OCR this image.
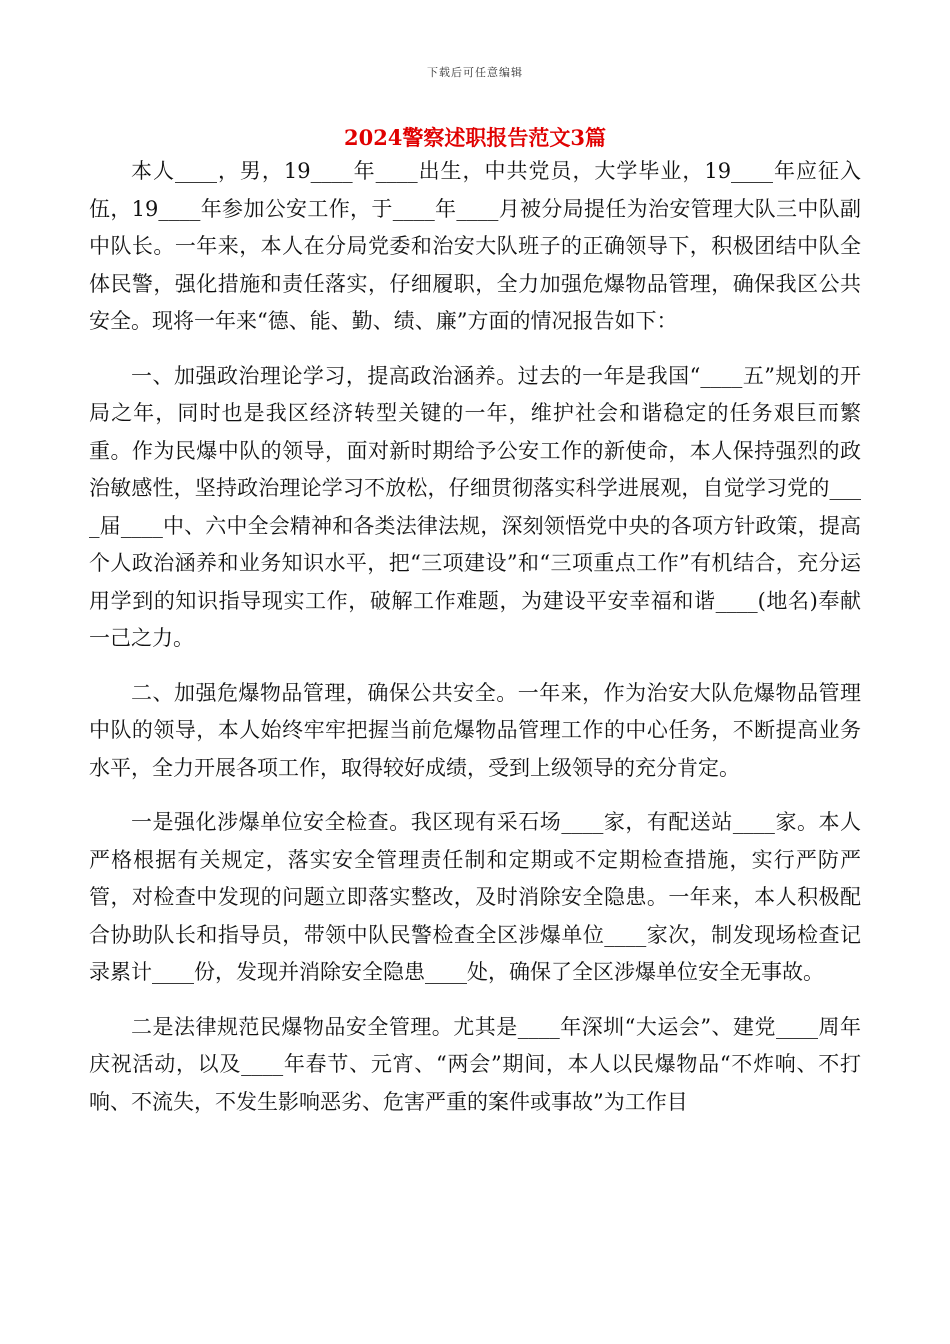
下载后可任意编辑
2024警察述职报告范文3篇

本人____，男，19____年____出生，中共党员，大学毕业，19____年应征入伍，19____年参加公安工作，于____年____月被分局提任为治安管理大队三中队副中队长。一年来，本人在分局党委和治安大队班子的正确领导下，积极团结中队全体民警，强化措施和责任落实，仔细履职，全力加强危爆物品管理，确保我区公共安全。现将一年来“德、能、勤、绩、廉”方面的情况报告如下：

一、加强政治理论学习，提高政治涵养。过去的一年是我国“____五”规划的开局之年，同时也是我区经济转型关键的一年，维护社会和谐稳定的任务艰巨而繁重。作为民爆中队的领导，面对新时期给予公安工作的新使命，本人保持强烈的政治敏感性，坚持政治理论学习不放松，仔细贯彻落实科学进展观，自觉学习党的____届____中、六中全会精神和各类法律法规，深刻领悟党中央的各项方针政策，提高个人政治涵养和业务知识水平，把“三项建设”和“三项重点工作”有机结合，充分运用学到的知识指导现实工作，破解工作难题，为建设平安幸福和谐____(地名)奉献一己之力。

二、加强危爆物品管理，确保公共安全。一年来，作为治安大队危爆物品管理中队的领导，本人始终牢牢把握当前危爆物品管理工作的中心任务，不断提高业务水平，全力开展各项工作，取得较好成绩，受到上级领导的充分肯定。

一是强化涉爆单位安全检查。我区现有采石场____家，有配送站____家。本人严格根据有关规定，落实安全管理责任制和定期或不定期检查措施，实行严防严管，对检查中发现的问题立即落实整改，及时消除安全隐患。一年来，本人积极配合协助队长和指导员，带领中队民警检查全区涉爆单位____家次，制发现场检查记录累计____份，发现并消除安全隐患____处，确保了全区涉爆单位安全无事故。

二是法律规范民爆物品安全管理。尤其是____年深圳“大运会”、建党____周年庆祝活动，以及____年春节、元宵、“两会”期间，本人以民爆物品“不炸响、不打响、不流失，不发生影响恶劣、危害严重的案件或事故”为工作目
